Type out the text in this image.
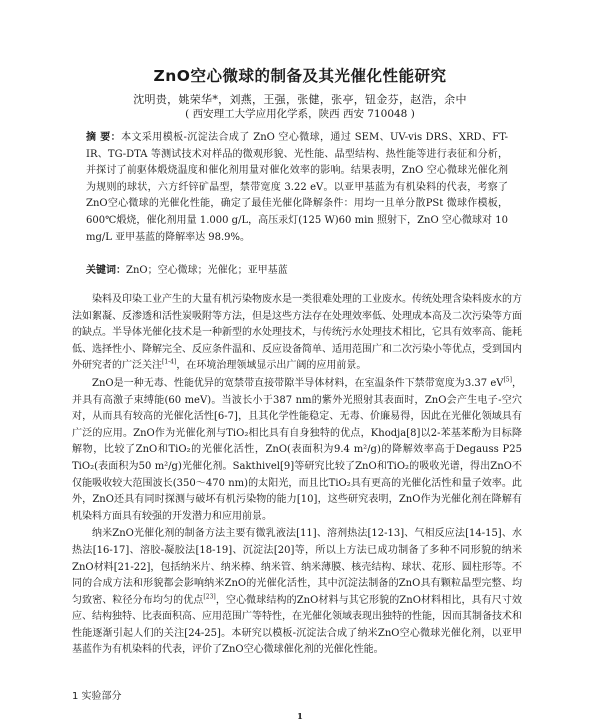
ZnO空心微球的制备及其光催化性能研究
沈明贵，姚荣华*，刘燕，王强，张健，张亭，钮金芬，赵浩，余中
( 西安理工大学应用化学系，陕西 西安 710048 )
摘 要：本文采用模板-沉淀法合成了 ZnO 空心微球，通过 SEM、UV-vis DRS、XRD、FT-IR、TG-DTA 等测试技术对样品的微观形貌、光性能、晶型结构、热性能等进行表征和分析，并探讨了前驱体煅烧温度和催化剂用量对催化效率的影响。结果表明，ZnO 空心微球光催化剂为规则的球状，六方纤锌矿晶型，禁带宽度 3.22 eV。以亚甲基蓝为有机染料的代表，考察了 ZnO空心微球的光催化性能，确定了最佳光催化降解条件：用均一且单分散PSt 微球作模板，600℃煅烧，催化剂用量 1.000 g/L，高压汞灯(125 W)60 min 照射下，ZnO 空心微球对 10 mg/L 亚甲基蓝的降解率达 98.9%。
关键词：ZnO；空心微球；光催化；亚甲基蓝

染料及印染工业产生的大量有机污染物废水是一类很难处理的工业废水。传统处理含染料废水的方法如絮凝、反渗透和活性炭吸附等方法，但是这些方法存在处理效率低、处理成本高及二次污染等方面的缺点。半导体光催化技术是一种新型的水处理技术，与传统污水处理技术相比，它具有效率高、能耗低、选择性小、降解完全、反应条件温和、反应设备简单、适用范围广和二次污染小等优点，受到国内外研究者的广泛关注[1-4]，在环境治理领域显示出广阔的应用前景。

ZnO是一种无毒、性能优异的宽禁带直接带隙半导体材料，在室温条件下禁带宽度为3.37 eV[5]，并具有高激子束缚能(60 meV)。当波长小于387 nm的紫外光照射其表面时，ZnO会产生电子-空穴对，从而具有较高的光催化活性[6-7]，且其化学性能稳定、无毒、价廉易得，因此在光催化领域具有广泛的应用。ZnO作为光催化剂与TiO₂相比具有自身独特的优点，Khodja[8]以2-苯基苯酚为目标降解物，比较了ZnO和TiO₂的光催化活性，ZnO(表面积为9.4 m²/g)的降解效率高于Degauss P25 TiO₂(表面积为50 m²/g)光催化剂。Sakthivel[9]等研究比较了ZnO和TiO₂的吸收光谱，得出ZnO不仅能吸收较大范围波长(350～470 nm)的太阳光，而且比TiO₂具有更高的光催化活性和量子效率。此外，ZnO还具有同时探测与破坏有机污染物的能力[10]，这些研究表明，ZnO作为光催化剂在降解有机染料方面具有较强的开发潜力和应用前景。

纳米ZnO光催化剂的制备方法主要有微乳液法[11]、溶剂热法[12-13]、气相反应法[14-15]、水热法[16-17]、溶胶-凝胶法[18-19]、沉淀法[20]等，所以上方法已成功制备了多种不同形貌的纳米ZnO材料[21-22]，包括纳米片、纳米棒、纳米管、纳米薄膜、核壳结构、球状、花形、圆柱形等。不同的合成方法和形貌都会影响纳米ZnO的光催化活性，其中沉淀法制备的ZnO具有颗粒晶型完整、均匀致密、粒径分布均匀的优点[23]，空心微球结构的ZnO材料与其它形貌的ZnO材料相比，具有尺寸效应、结构独特、比表面积高、应用范围广等特性，在光催化领域表现出独特的性能，因而其制备技术和性能逐渐引起人们的关注[24-25]。本研究以模板-沉淀法合成了纳米ZnO空心微球光催化剂，以亚甲基蓝作为有机染料的代表，评价了ZnO空心微球催化剂的光催化性能。

1 实验部分
1
